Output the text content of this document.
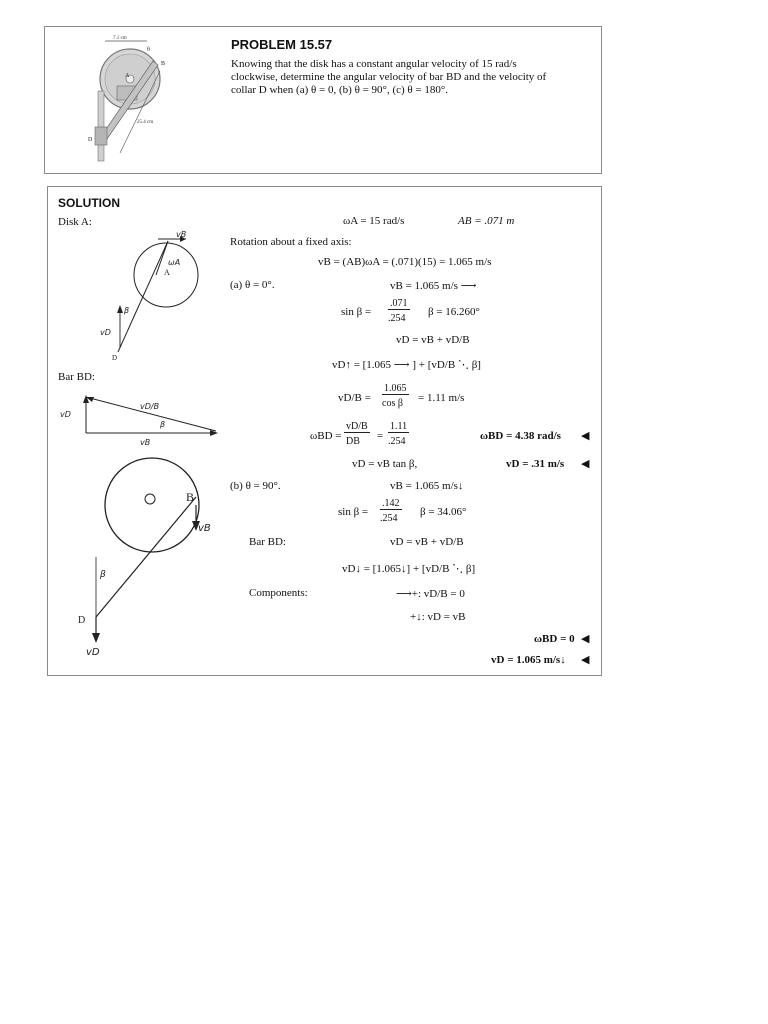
7.1 cm
25.4 cm
θ
A
B
D
PROBLEM 15.57
Knowing that the disk has a constant angular velocity of 15 rad/s
clockwise, determine the angular velocity of bar BD and the velocity of
collar D when (a) θ = 0, (b) θ = 90°, (c) θ = 180°.
SOLUTION
Disk A:
Bar BD:
vB
ωA
A
β
vD
D
vD
vD/B
β
vB
β
B
vB
D
vD
ωA = 15 rad/s	AB = .071 m
Rotation about a fixed axis:
vB = (AB)ωA = (.071)(15) = 1.065 m/s
(a) θ = 0°.	vB = 1.065 m/s ⟶
sin β =
.071
.254
β = 16.260°
vD = vB + vD/B
vD↑ = [1.065 ⟶ ] + [vD/B ⋱ β]
vD/B =
1.065
cos β = 1.11 m/s
ωBD =
vD/B
DB =
1.11
.254	ωBD = 4.38 rad/s ◀
vD = vB tan β,	vD = .31 m/s ◀
(b) θ = 90°.	vB = 1.065 m/s↓
sin β =
.142
.254
β = 34.06°
Bar BD:	vD = vB + vD/B
vD↓ = [1.065↓] + [vD/B ⋱ β]
Components:	⟶+: vD/B = 0
+↓: vD = vB
ωBD = 0 ◀
vD = 1.065 m/s↓ ◀
